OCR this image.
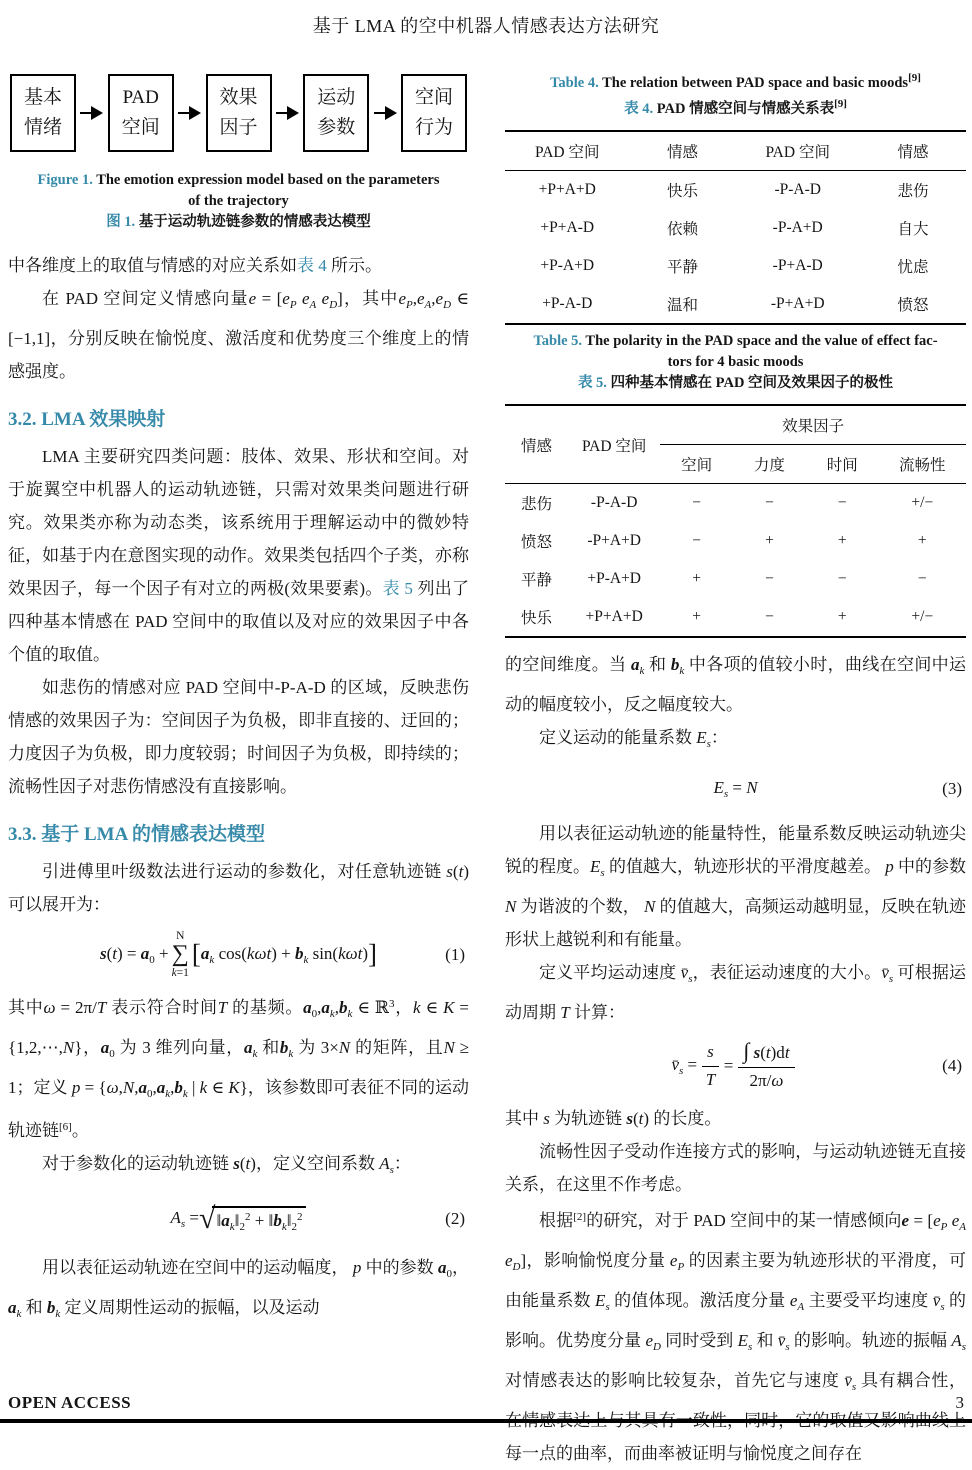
基于 LMA 的空中机器人情感表达方法研究
基本
情绪
PAD
空间
效果
因子
运动
参数
空间
行为
Figure 1. The emotion expression model based on the parameters
of the trajectory
图 1. 基于运动轨迹链参数的情感表达模型

中各维度上的取值与情感的对应关系如表 4 所示。

在 PAD 空间定义情感向量$e = [e_P$ $e_A$ $e_D$]，其中$e_P,e_A,e_D$ ∈ [−1,1]，分别反映在愉悦度、激活度和优势度三个维度上的情感强度。

3.2. LMA 效果映射

LMA 主要研究四类问题：肢体、效果、形状和空间。对于旋翼空中机器人的运动轨迹链，只需对效果类问题进行研究。效果类亦称为动态类，该系统用于理解运动中的微妙特征，如基于内在意图实现的动作。效果类包括四个子类，亦称效果因子，每一个因子有对立的两极(效果要素)。表 5 列出了四种基本情感在 PAD 空间中的取值以及对应的效果因子中各个值的取值。

如悲伤的情感对应 PAD 空间中-P-A-D 的区域，反映悲伤情感的效果因子为：空间因子为负极，即非直接的、迂回的；力度因子为负极，即力度较弱；时间因子为负极，即持续的；流畅性因子对悲伤情感没有直接影响。

3.3. 基于 LMA 的情感表达模型

引进傅里叶级数法进行运动的参数化，对任意轨迹链 s(t) 可以展开为：

$s(t) = a_0$ +
N
∑
k=1
[ $a_k$ $\cos(k\omega t) + b_k$ sin(kωt) ]	(1)

其中ω = 2π/T 表示符合时间T 的基频。$a_0,a_k,b_k$ ∈ ℝ$^3$，k ∈ K = {1,2,⋯,N}，$a_0$ 为 3 维列向量，$a_k$ 和$b_k$ 为 3×N 的矩阵，且N ≥ 1；定义 $p = \{\omega,N,a_0,a_k,b_k$ | k ∈ K}，该参数即可表征不同的运动轨迹链[6]。

对于参数化的运动轨迹链 s(t)，定义空间系数 $A_s$：

$A_s$ = √ $‖a_k‖_2^2$ + $‖b_k‖_2^2$	(2)

用以表征运动轨迹在空间中的运动幅度， p 中的参数 $a_0$， $a_k$ 和 $b_k$ 定义周期性运动的振幅，以及运动

Table 4. The relation between PAD space and basic moods[9]
表 4. PAD 情感空间与情感关系表[9]
PAD 空间	情感	PAD 空间	情感
+P+A+D	快乐	-P-A-D	悲伤
+P+A-D	依赖	-P-A+D	自大
+P-A+D	平静	-P+A-D	忧虑
+P-A-D	温和	-P+A+D	愤怒
Table 5. The polarity in the PAD space and the value of effect fac-
tors for 4 basic moods
表 5. 四种基本情感在 PAD 空间及效果因子的极性
情感	PAD 空间	效果因子			
		空间	力度	时间	流畅性
悲伤	-P-A-D	−	−	−	+/−
愤怒	-P+A+D	−	+	+	+
平静	+P-A+D	+	−	−	−
快乐	+P+A+D	+	−	+	+/−

的空间维度。当 $a_k$ 和 $b_k$ 中各项的值较小时，曲线在空间中运动的幅度较小，反之幅度较大。

定义运动的能量系数 $E_s$：

$E_s = N$	(3)

用以表征运动轨迹的能量特性，能量系数反映运动轨迹尖锐的程度。$E_s$ 的值越大，轨迹形状的平滑度越差。 p 中的参数 N 为谐波的个数， N 的值越大，高频运动越明显，反映在轨迹形状上越锐利和有能量。

定义平均运动速度 $v̄_s$，表征运动速度的大小。$v̄_s$ 可根据运动周期 T 计算：

$v̄_s = \frac{s}{T} = \frac{\int s(t)dt}{2\pi/\omega}$	(4)

其中 s 为轨迹链 s(t) 的长度。

流畅性因子受动作连接方式的影响，与运动轨迹链无直接关系，在这里不作考虑。

根据[2]的研究，对于 PAD 空间中的某一情感倾向$e = [e_P$ $e_A$ $e_D$]，影响愉悦度分量 $e_P$ 的因素主要为轨迹形状的平滑度，可由能量系数 $E_s$ 的值体现。激活度分量 $e_A$ 主要受平均速度 $v̄_s$ 的影响。优势度分量 $e_D$ 同时受到 $E_s$ 和 $v̄_s$ 的影响。轨迹的振幅 $A_s$ 对情感表达的影响比较复杂，首先它与速度 $v̄_s$ 具有耦合性， 每一点的曲率，而曲率被证明与愉悦度之间存在

OPEN ACCESS	3
